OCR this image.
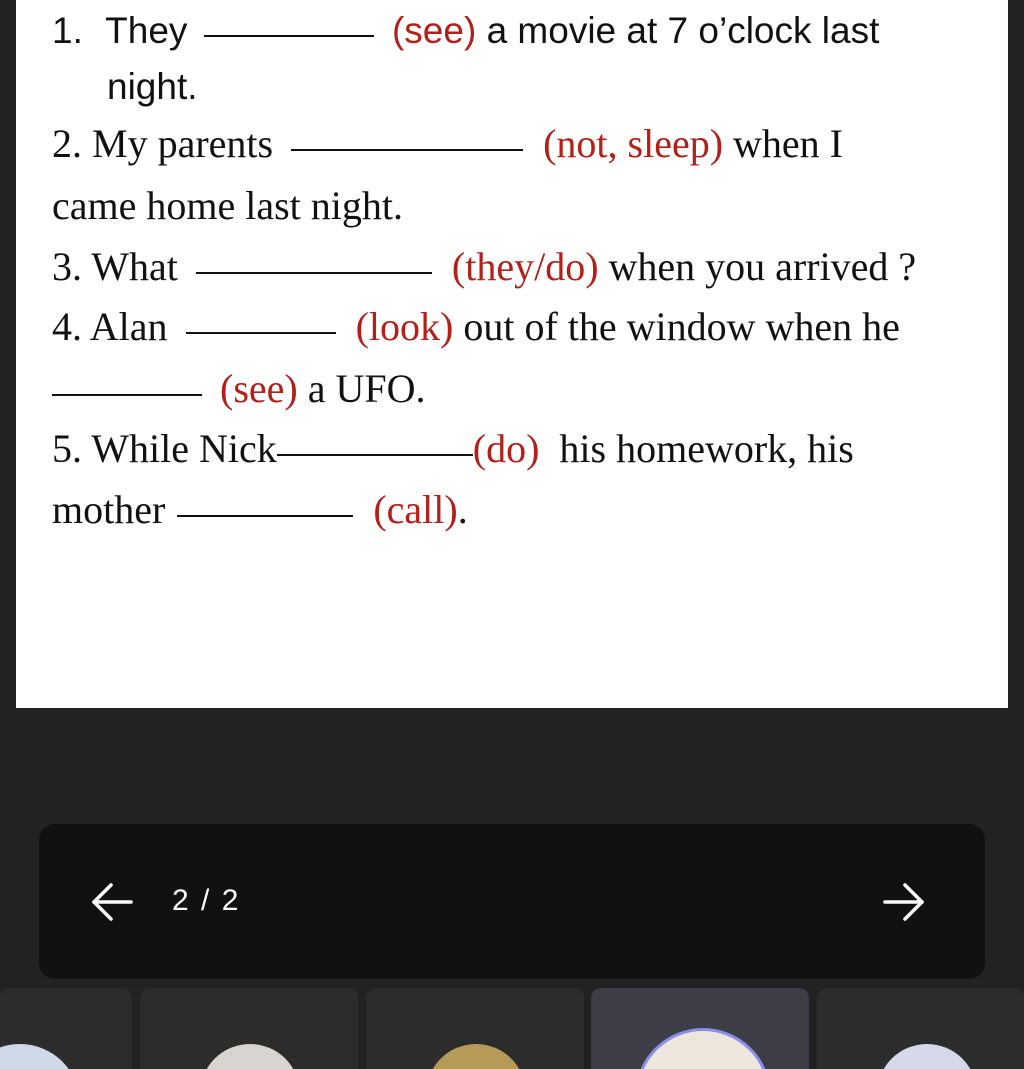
1. They	(see) a movie at 7 o’clock last
night.
2. My parents	(not, sleep) when I
came home last night.
3. What	(they/do) when you arrived ?
4. Alan	(look) out of the window when he
(see) a UFO.
5. While Nick	(do) his homework, his
mother	(call).
2 / 2
